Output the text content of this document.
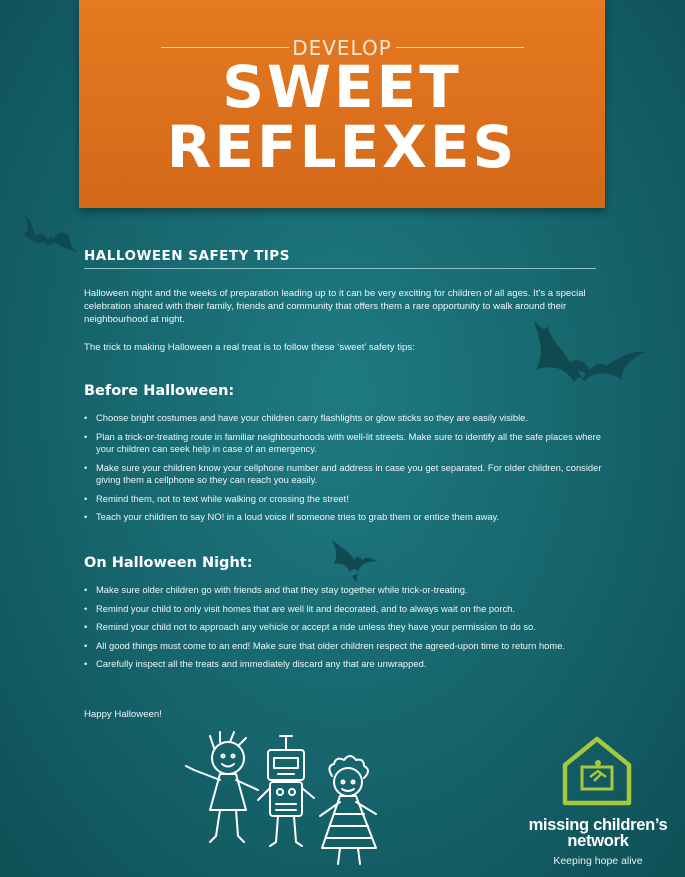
DEVELOP
SWEET
REFLEXES
HALLOWEEN SAFETY TIPS
Halloween night and the weeks of preparation leading up to it can be very exciting for children of all ages. It’s a special celebration shared with their family, friends and community that offers them a rare opportunity to walk around their neighbourhood at night.
The trick to making Halloween a real treat is to follow these ‘sweet’ safety tips:
Before Halloween:
• Choose bright costumes and have your children carry flashlights or glow sticks so they are easily visible.
• Plan a trick-or-treating route in familiar neighbourhoods with well-lit streets. Make sure to identify all the safe places where your children can seek help in case of an emergency.
• Make sure your children know your cellphone number and address in case you get separated. For older children, consider giving them a cellphone so they can reach you easily.
• Remind them, not to text while walking or crossing the street!
• Teach your children to say NO! in a loud voice if someone tries to grab them or entice them away.
On Halloween Night:
• Make sure older children go with friends and that they stay together while trick-or-treating.
• Remind your child to only visit homes that are well lit and decorated, and to always wait on the porch.
• Remind your child not to approach any vehicle or accept a ride unless they have your permission to do so.
• All good things must come to an end! Make sure that older children respect the agreed-upon time to return home.
• Carefully inspect all the treats and immediately discard any that are unwrapped.
Happy Halloween!
missing children’s
network
Keeping hope alive
